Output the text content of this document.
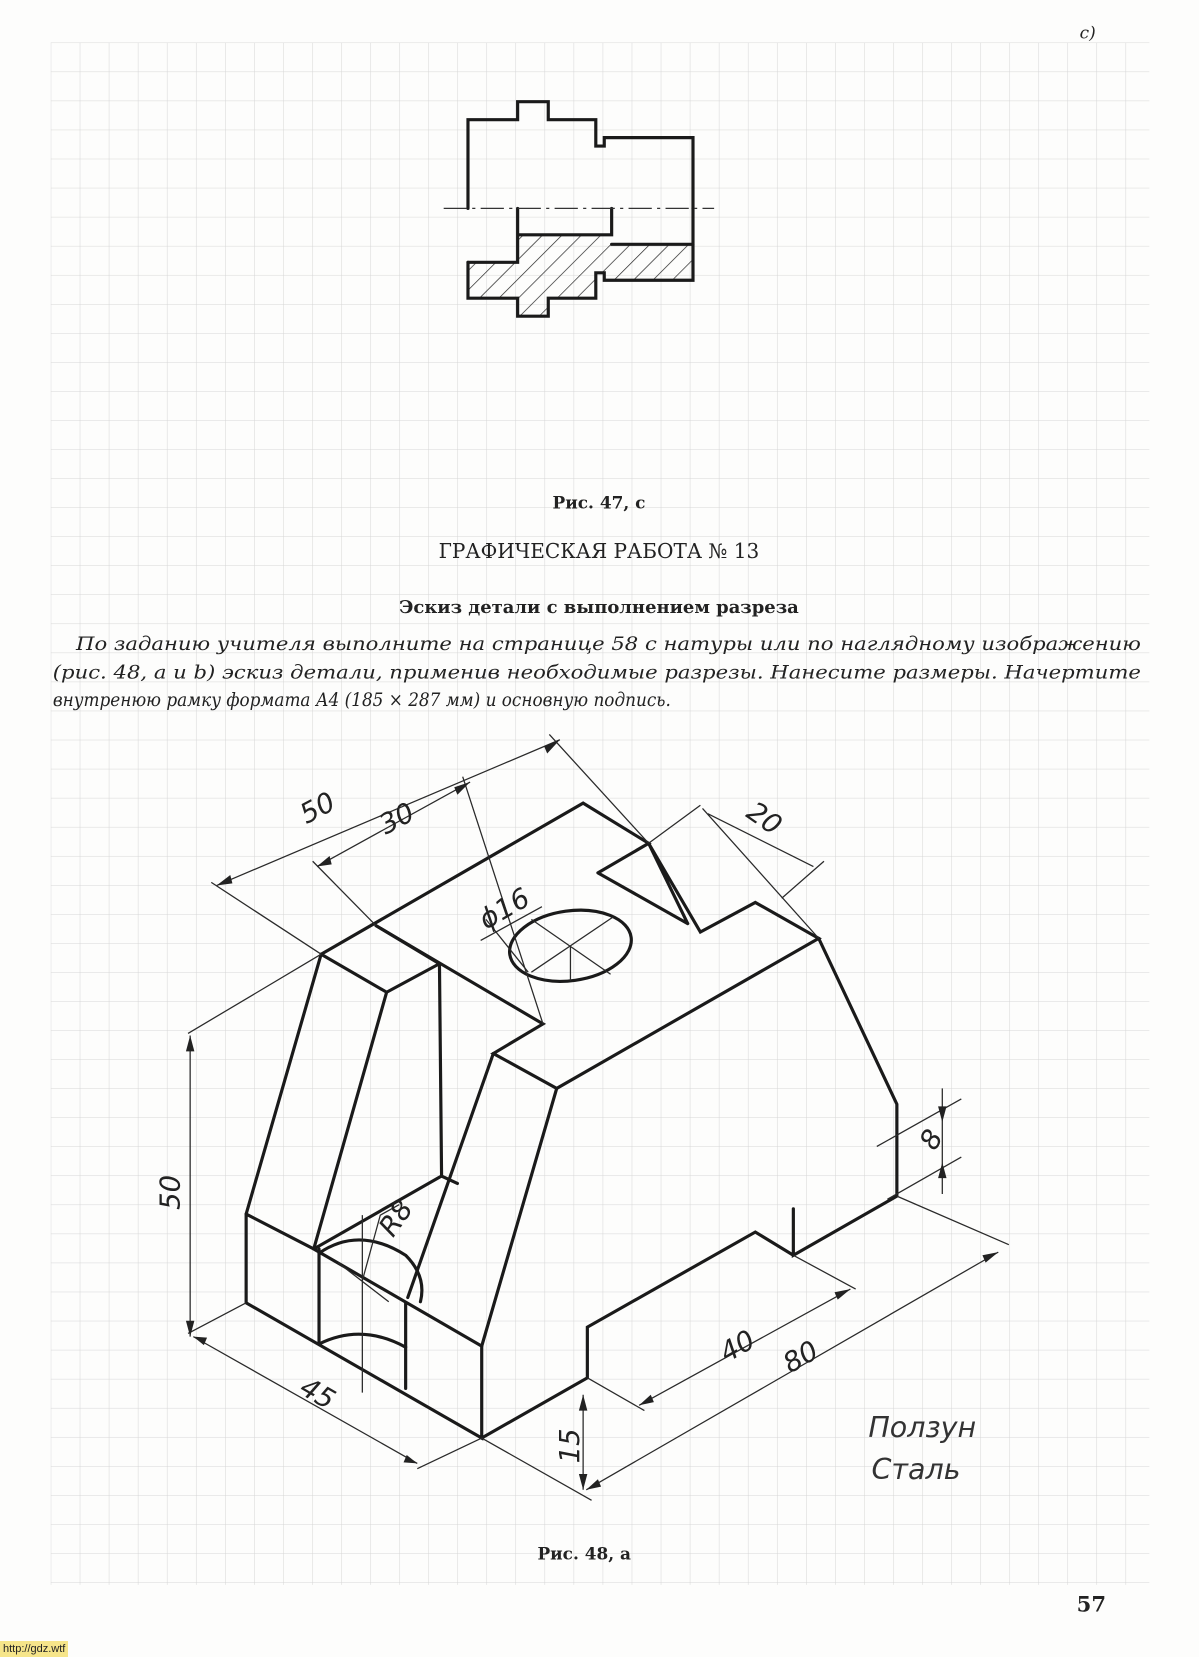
c)
Рис. 47, с
ГРАФИЧЕСКАЯ РАБОТА № 13
Эскиз детали с выполнением разреза
По заданию учителя выполните на странице 58 с натуры или по наглядному изображению
(рис. 48, a и b) эскиз детали, применив необходимые разрезы. Нанесите размеры. Начертите
внутренюю рамку формата А4 (185 × 287 мм) и основную подпись.
50 30	20
ϕ16
50
R8
45
15
40 80
8
Ползун
Сталь
Рис. 48, a
57
http://gdz.wtf
